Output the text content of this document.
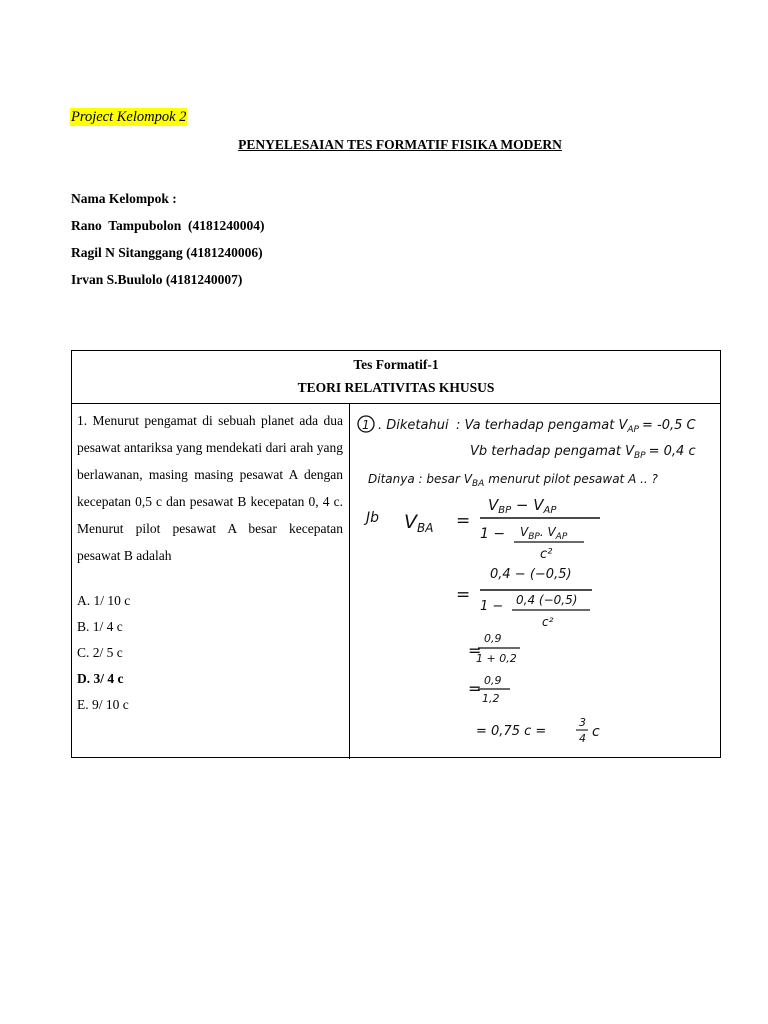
Project Kelompok 2
PENYELESAIAN TES FORMATIF FISIKA MODERN
Nama Kelompok :
Rano  Tampubolon  (4181240004)
Ragil N Sitanggang (4181240006)
Irvan S.Buulolo (4181240007)
Tes Formatif-1
TEORI RELATIVITAS KHUSUS
1. Menurut pengamat di sebuah planet ada dua pesawat antariksa yang mendekati dari arah yang berlawanan, masing masing pesawat A dengan kecepatan 0,5 c dan pesawat B kecepatan 0, 4 c. Menurut pilot pesawat A besar kecepatan pesawat B adalah
A. 1/ 10 c
B. 1/ 4 c
C. 2/ 5 c
D. 3/ 4 c
E. 9/ 10 c
1 . Diketahui : Va terhadap pengamat $V_{AP} = -0,5$ C
Vb terhadap pengamat $V_{BP} = 0,4$ c
Ditanya : besar $V_{BA}$ menurut pilot pesawat A .. ?
Jb $V_{BA}$ =
$V_{BP} - V_{AP}$
$1 - V_{BP}$. $V_{AP}$
c²
=
0,4 − (−0,5)
1 − 0,4 (−0,5)
c²
=
0,9
1 + 0,2
= 0,9
1,2
= 0,75 c =
3
4 c
